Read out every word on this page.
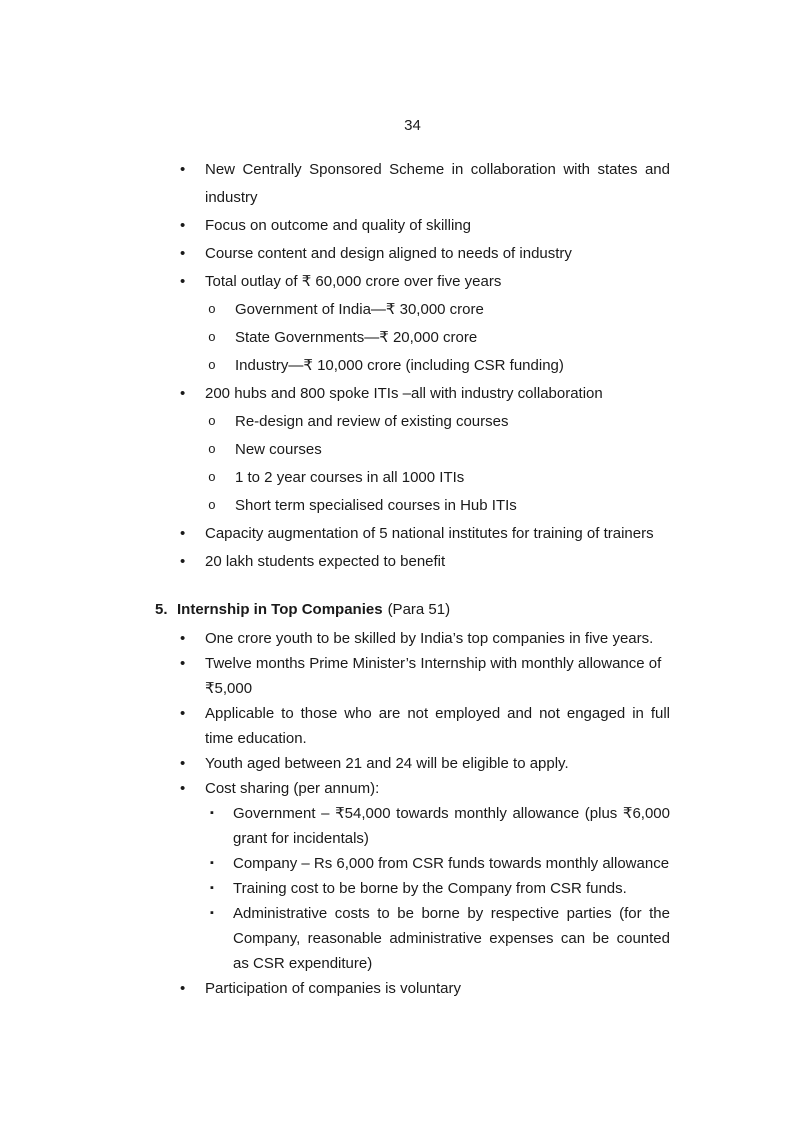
34
•	New Centrally Sponsored Scheme in collaboration with states and industry
•	Focus on outcome and quality of skilling
•	Course content and design aligned to needs of industry
•	Total outlay of ₹ 60,000 crore over five years
o	Government of India—₹ 30,000 crore
o	State Governments—₹ 20,000 crore
o	Industry—₹ 10,000 crore (including CSR funding)
•	200 hubs and 800 spoke ITIs –all with industry collaboration
o	Re-design and review of existing courses
o	New courses
o	1 to 2 year courses in all 1000 ITIs
o	Short term specialised courses in Hub ITIs
•	Capacity augmentation of 5 national institutes for training of trainers
•	20 lakh students expected to benefit
5. Internship in Top Companies (Para 51)
•	One crore youth to be skilled by India’s top companies in five years.
•	Twelve months Prime Minister’s Internship with monthly allowance of ₹5,000
•	Applicable to those who are not employed and not engaged in full time education.
•	Youth aged between 21 and 24 will be eligible to apply.
•	Cost sharing (per annum):
▪	Government – ₹54,000 towards monthly allowance (plus ₹6,000 grant for incidentals)
▪	Company – Rs 6,000 from CSR funds towards monthly allowance
▪	Training cost to be borne by the Company from CSR funds.
▪	Administrative costs to be borne by respective parties (for the Company, reasonable administrative expenses can be counted as CSR expenditure)
•	Participation of companies is voluntary
